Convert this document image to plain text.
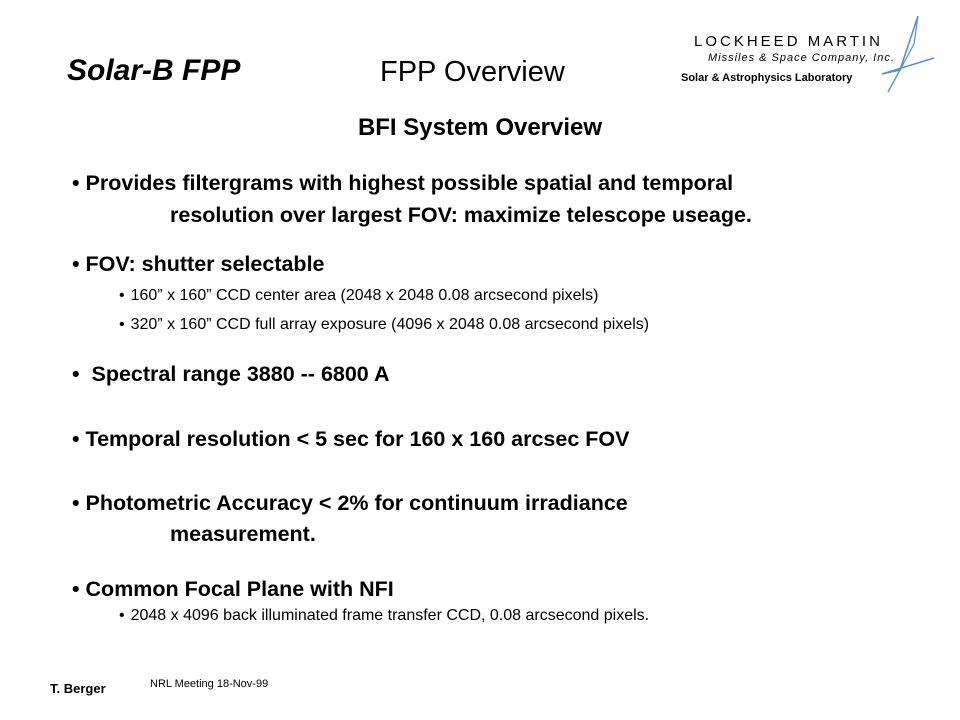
Solar-B FPP	FPP Overview
LOCKHEED MARTIN
Missiles & Space Company, Inc.
Solar & Astrophysics Laboratory
BFI System Overview
• Provides filtergrams with highest possible spatial and temporal
resolution over largest FOV: maximize telescope useage.
• FOV: shutter selectable
• 160” x 160” CCD center area (2048 x 2048 0.08 arcsecond pixels)
• 320” x 160” CCD full array exposure (4096 x 2048 0.08 arcsecond pixels)
• Spectral range 3880 -- 6800 A
• Temporal resolution < 5 sec for 160 x 160 arcsec FOV
• Photometric Accuracy < 2% for continuum irradiance
measurement.
• Common Focal Plane with NFI
• 2048 x 4096 back illuminated frame transfer CCD, 0.08 arcsecond pixels.
T. Berger	NRL Meeting 18-Nov-99
